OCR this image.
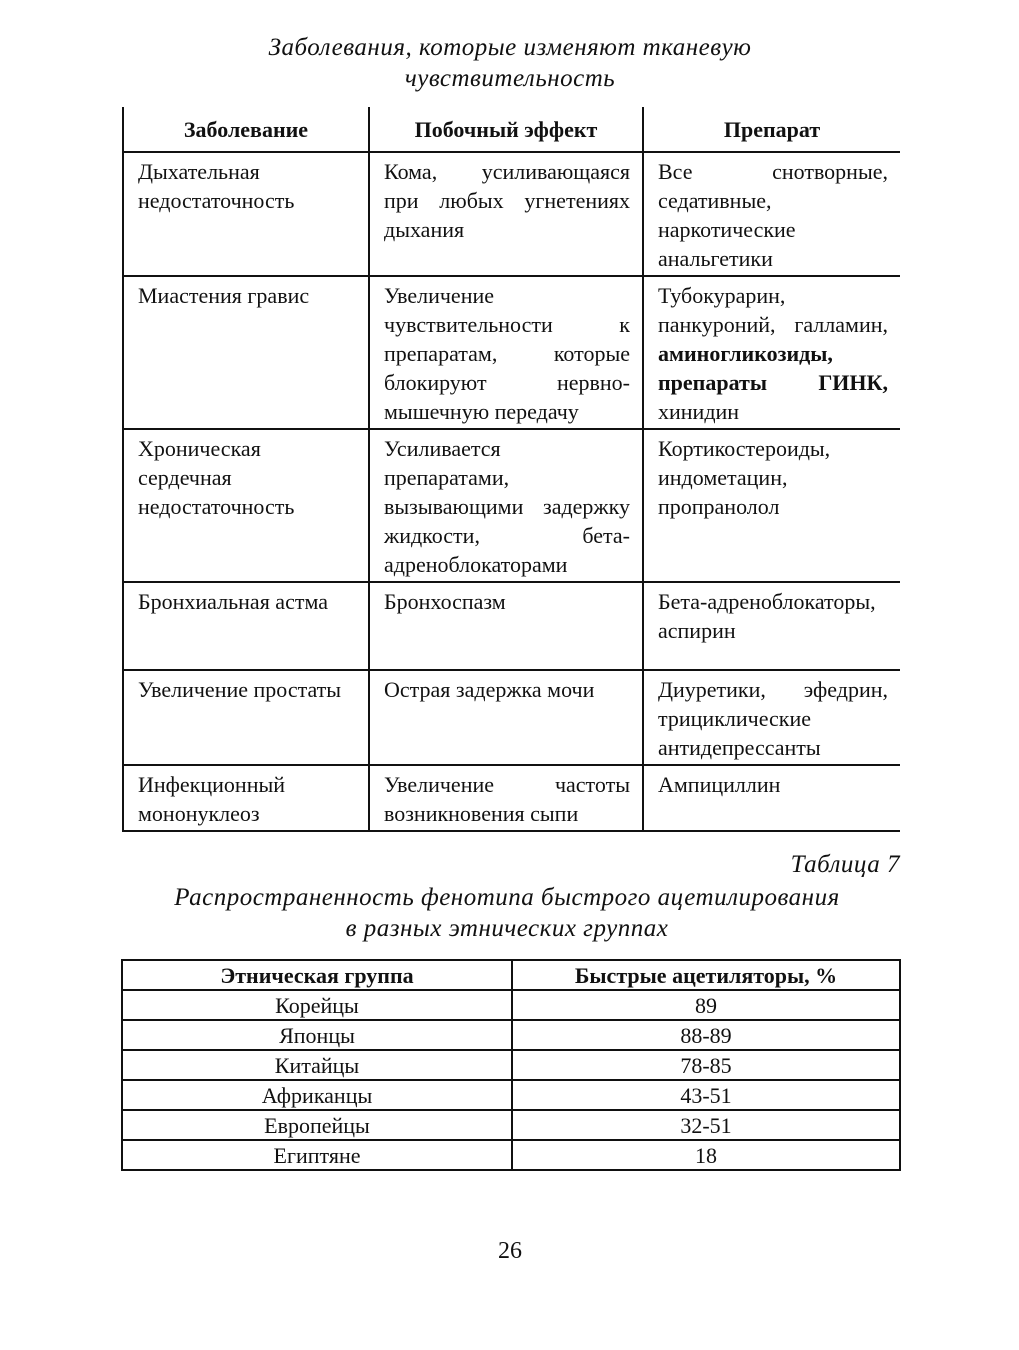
Заболевания, которые изменяют тканевую
чувствительность
Заболевание	Побочный эффект	Препарат
Дыхательная недостаточность	Кома, усиливающаяся при любых угнетениях дыхания	Все снотворные, седативные, наркотические анальгетики
Миастения гравис	Увеличение чувствительности к препаратам, которые блокируют нервно-мышечную передачу	Тубокурарин, панкуроний, галламин, аминогликозиды, препараты ГИНК, хинидин
Хроническая сердечная недостаточность	Усиливается препаратами, вызывающими задержку жидкости, бета-адреноблокаторами	Кортикостероиды, индометацин, пропранолол
Бронхиальная астма	Бронхоспазм	Бета-адреноблокаторы, аспирин
Увеличение простаты	Острая задержка мочи	Диуретики, эфедрин, трициклические антидепрессанты
Инфекционный мононуклеоз	Увеличение частоты возникновения сыпи	Ампициллин
Таблица 7
Распространенность фенотипа быстрого ацетилирования
в разных этнических группах
Этническая группа	Быстрые ацетиляторы, %
Корейцы	89
Японцы	88-89
Китайцы	78-85
Африканцы	43-51
Европейцы	32-51
Египтяне	18
26
